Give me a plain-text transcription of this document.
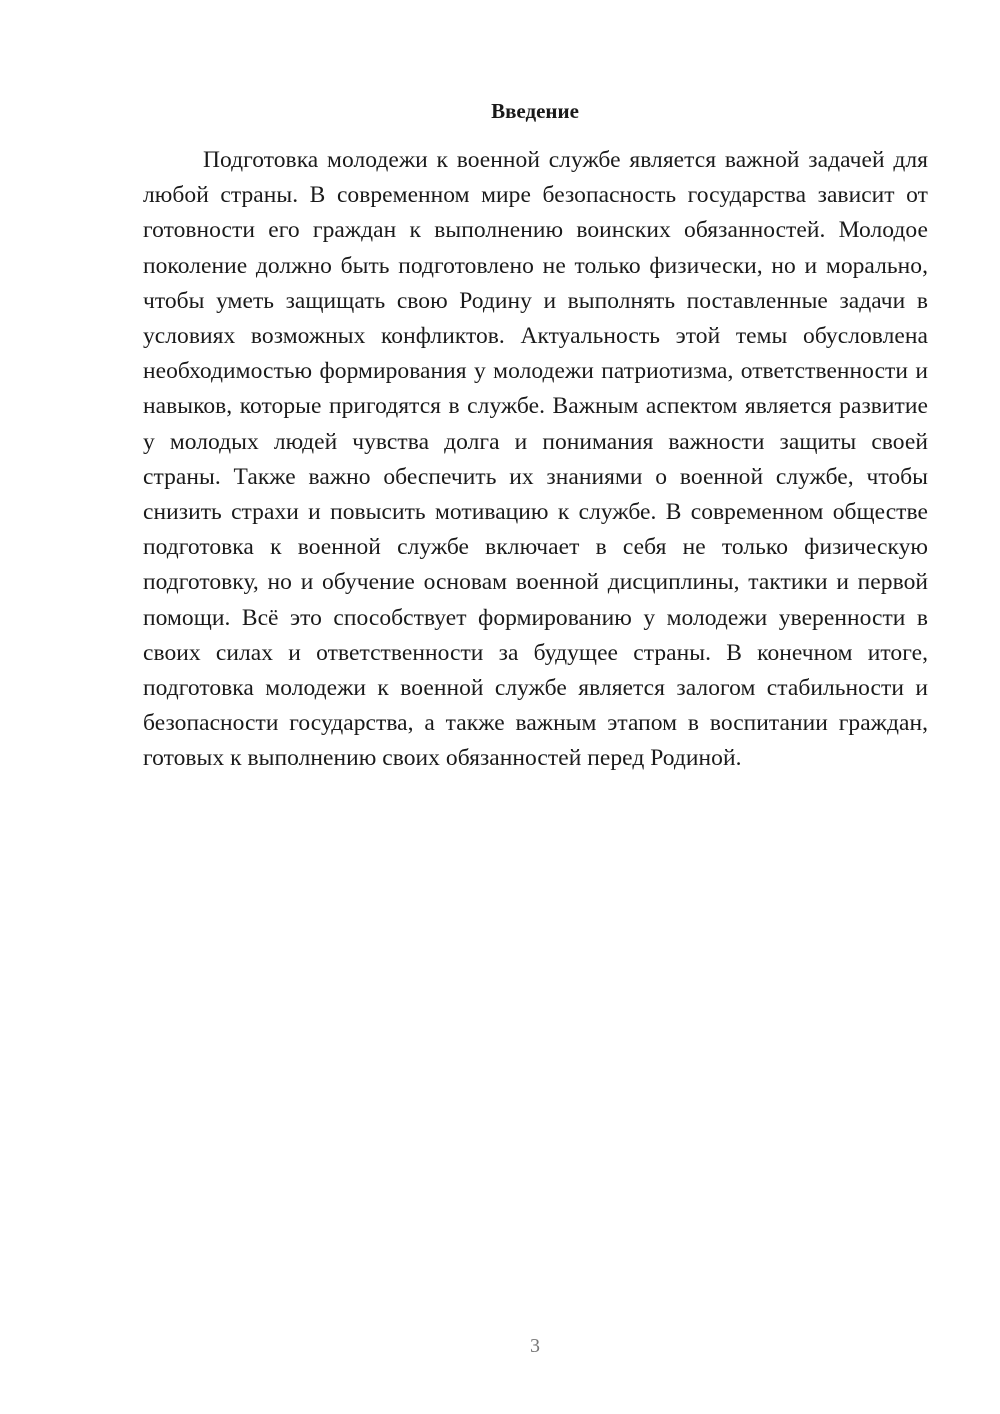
Введение

Подготовка молодежи к военной службе является важной задачей для любой страны. В современном мире безопасность государства зависит от готовности его граждан к выполнению воинских обязанностей. Молодое поколение должно быть подготовлено не только физически, но и морально, чтобы уметь защищать свою Родину и выполнять поставленные задачи в условиях возможных конфликтов. Актуальность этой темы обусловлена необходимостью формирования у молодежи патриотизма, ответственности и навыков, которые пригодятся в службе. Важным аспектом является развитие у молодых людей чувства долга и понимания важности защиты своей страны. Также важно обеспечить их знаниями о военной службе, чтобы снизить страхи и повысить мотивацию к службе. В современном обществе подготовка к военной службе включает в себя не только физическую подготовку, но и обучение основам военной дисциплины, тактики и первой помощи. Всё это способствует формированию у молодежи уверенности в своих силах и ответственности за будущее страны. В конечном итоге, подготовка молодежи к военной службе является залогом стабильности и безопасности государства, а также важным этапом в воспитании граждан, готовых к выполнению своих обязанностей перед Родиной.

3
